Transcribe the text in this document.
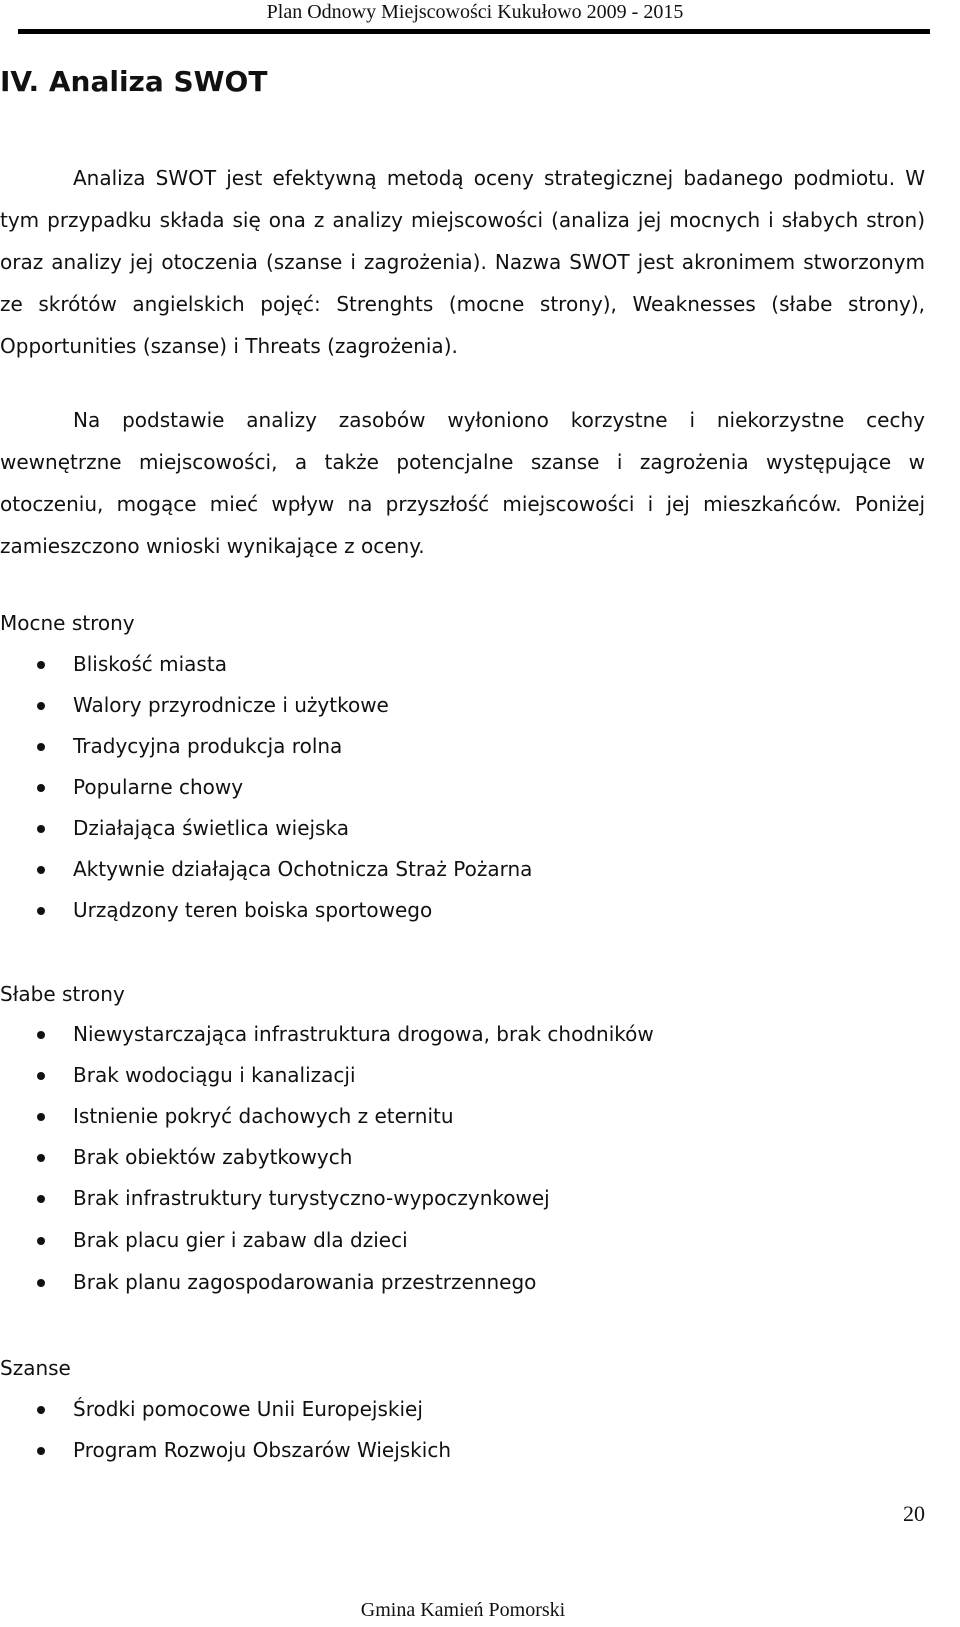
Plan Odnowy Miejscowości Kukułowo 2009 - 2015
IV. Analiza SWOT

Analiza SWOT jest efektywną metodą oceny strategicznej badanego podmiotu. W tym przypadku składa się ona z analizy miejscowości (analiza jej mocnych i słabych stron) oraz analizy jej otoczenia (szanse i zagrożenia). Nazwa SWOT jest akronimem stworzonym ze skrótów angielskich pojęć: Strenghts (mocne strony), Weaknesses (słabe strony), Opportunities (szanse) i Threats (zagrożenia).

Na podstawie analizy zasobów wyłoniono korzystne i niekorzystne cechy wewnętrzne miejscowości, a także potencjalne szanse i zagrożenia występujące w otoczeniu, mogące mieć wpływ na przyszłość miejscowości i jej mieszkańców. Poniżej zamieszczono wnioski wynikające z oceny.

Mocne strony
Bliskość miasta
Walory przyrodnicze i użytkowe
Tradycyjna produkcja rolna
Popularne chowy
Działająca świetlica wiejska
Aktywnie działająca Ochotnicza Straż Pożarna
Urządzony teren boiska sportowego
Słabe strony
Niewystarczająca infrastruktura drogowa, brak chodników
Brak wodociągu i kanalizacji
Istnienie pokryć dachowych z eternitu
Brak obiektów zabytkowych
Brak infrastruktury turystyczno-wypoczynkowej
Brak placu gier i zabaw dla dzieci
Brak planu zagospodarowania przestrzennego
Szanse
Środki pomocowe Unii Europejskiej
Program Rozwoju Obszarów Wiejskich
20
Gmina Kamień Pomorski
